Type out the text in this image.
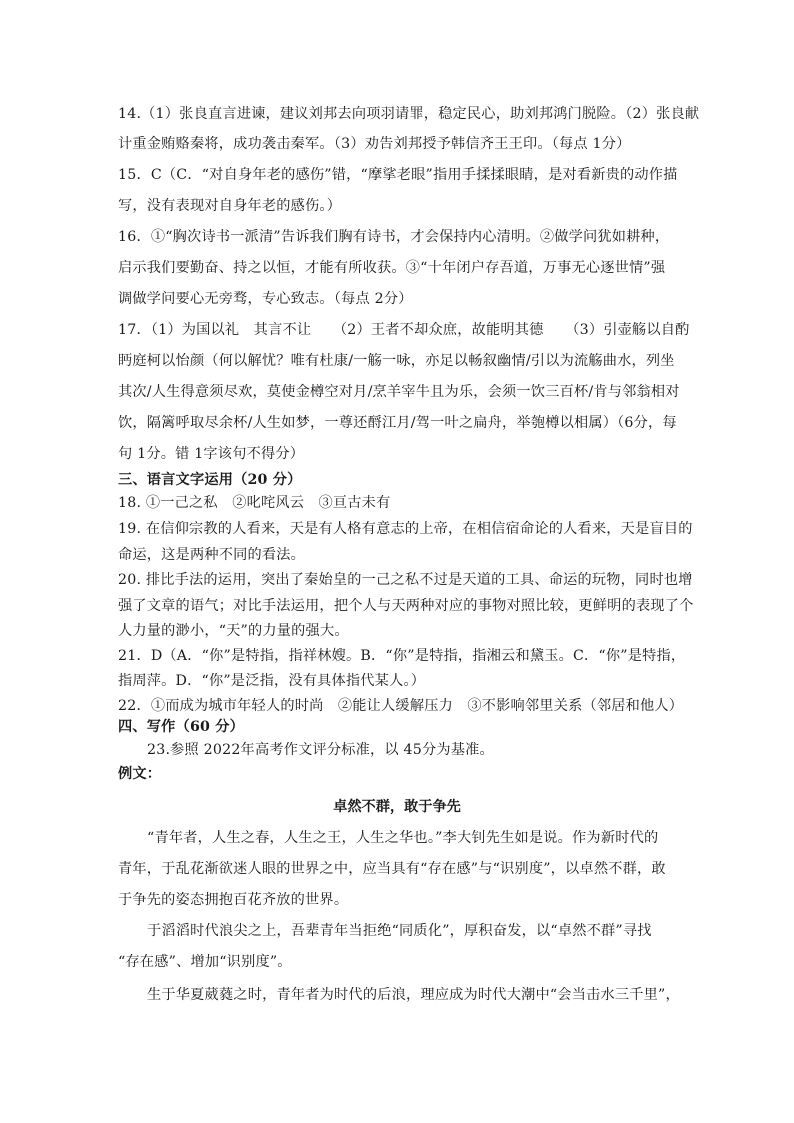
14.（1）张良直言进谏，建议刘邦去向项羽请罪，稳定民心，助刘邦鸿门脱险。（2）张良献
计重金贿赂秦将，成功袭击秦军。（3）劝告刘邦授予韩信齐王王印。（每点 1分）
15．C（C．“对自身年老的感伤”错，“摩挲老眼”指用手揉揉眼睛，是对看新贵的动作描
写，没有表现对自身年老的感伤。）
16．①“胸次诗书一派清”告诉我们胸有诗书，才会保持内心清明。②做学问犹如耕种，
启示我们要勤奋、持之以恒，才能有所收获。③“十年闭户存吾道，万事无心逐世情”强
调做学问要心无旁骛，专心致志。（每点 2分）
17．（1）为国以礼　其言不让　　（2）王者不却众庶，故能明其德　　（3）引壶觞以自酌
眄庭柯以怡颜（何以解忧？唯有杜康/一觞一咏，亦足以畅叙幽情/引以为流觞曲水，列坐
其次/人生得意须尽欢，莫使金樽空对月/烹羊宰牛且为乐，会须一饮三百杯/肯与邻翁相对
饮，隔篱呼取尽余杯/人生如梦，一尊还酹江月/驾一叶之扁舟，举匏樽以相属）（6分，每
句 1分。错 1字该句不得分）
三、语言文字运用（20 分）
18. ①一己之私　②叱咤风云　③亘古未有
19. 在信仰宗教的人看来，天是有人格有意志的上帝，在相信宿命论的人看来，天是盲目的
命运，这是两种不同的看法。
20. 排比手法的运用，突出了秦始皇的一己之私不过是天道的工具、命运的玩物，同时也增
强了文章的语气；对比手法运用，把个人与天两种对应的事物对照比较，更鲜明的表现了个
人力量的渺小，“天”的力量的强大。
21．D（A．“你”是特指，指祥林嫂。B．“你”是特指，指湘云和黛玉。C．“你”是特指，
指周萍。D．“你”是泛指，没有具体指代某人。）
22．①而成为城市年轻人的时尚　②能让人缓解压力　③不影响邻里关系（邻居和他人）
四、写作（60 分）
23.参照 2022年高考作文评分标准，以 45分为基准。
例文：
卓然不群，敢于争先
“青年者，人生之春，人生之王，人生之华也。”李大钊先生如是说。作为新时代的
青年，于乱花渐欲迷人眼的世界之中，应当具有“存在感”与“识别度”，以卓然不群，敢
于争先的姿态拥抱百花齐放的世界。
于滔滔时代浪尖之上，吾辈青年当拒绝“同质化”，厚积奋发，以“卓然不群”寻找
“存在感”、增加“识别度”。
生于华夏葳蕤之时，青年者为时代的后浪，理应成为时代大潮中“会当击水三千里”，
